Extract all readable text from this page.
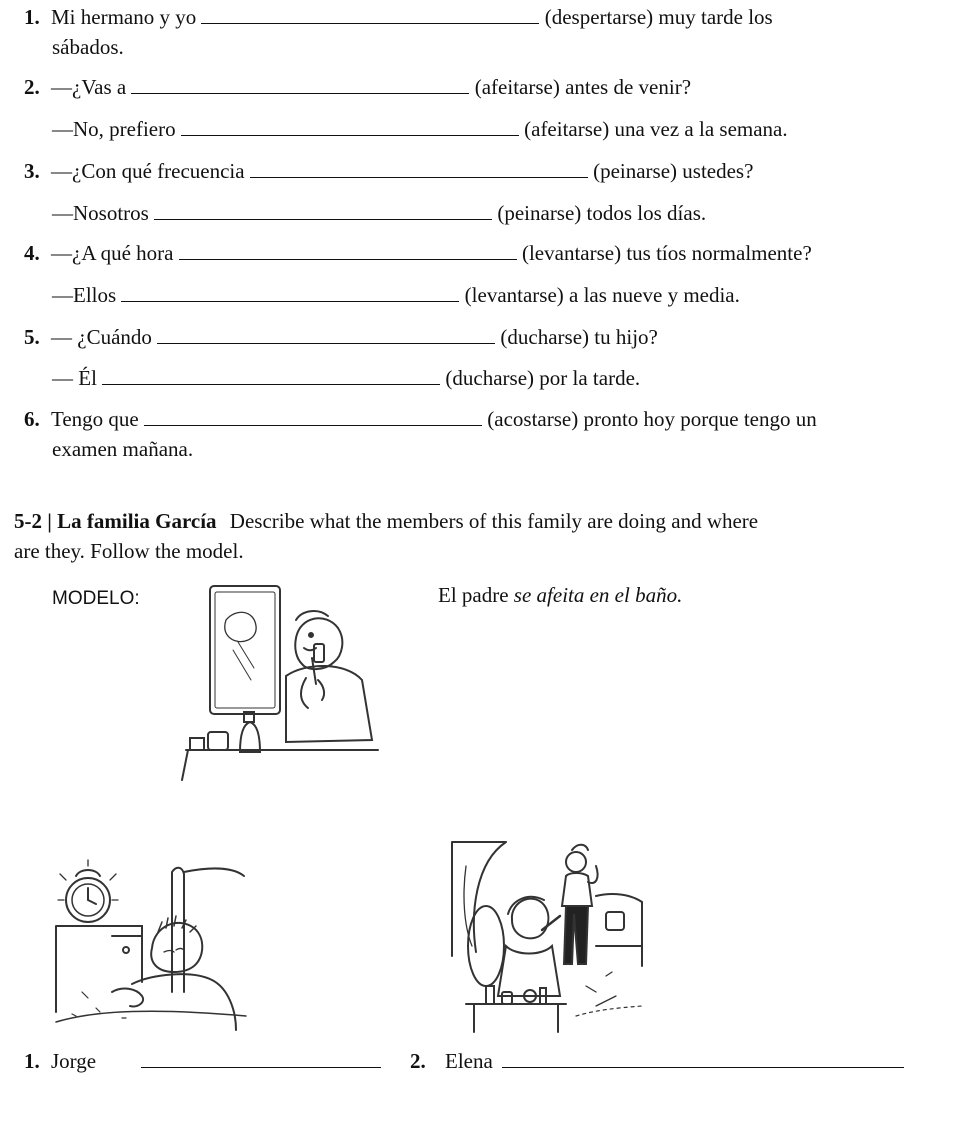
1. Mi hermano y yo	(despertarse) muy tarde los
sábados.
2. —¿Vas a	(afeitarse) antes de venir?
—No, prefiero	(afeitarse) una vez a la semana.
3. —¿Con qué frecuencia	(peinarse) ustedes?
—Nosotros	(peinarse) todos los días.
4. —¿A qué hora	(levantarse) tus tíos normalmente?
—Ellos	(levantarse) a las nueve y media.
5. — ¿Cuándo	(ducharse) tu hijo?
— Él	(ducharse) por la tarde.
6. Tengo que	(acostarse) pronto hoy porque tengo un
examen mañana.
5-2 | La familia García Describe what the members of this family are doing and where
are they. Follow the model.
MODELO:	El padre se afeita en el baño.
1. Jorge	2. Elena
